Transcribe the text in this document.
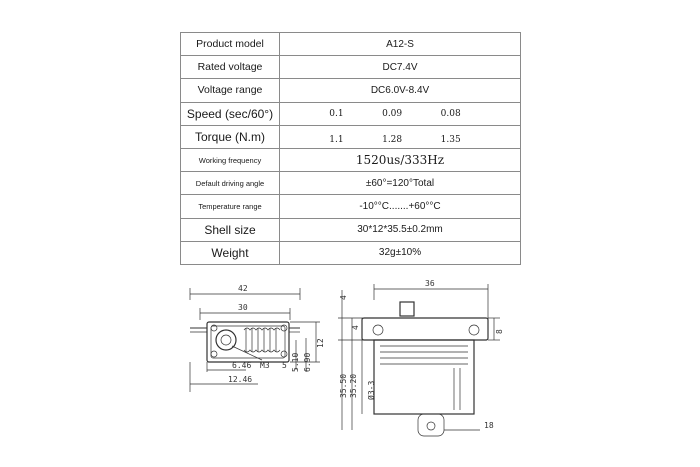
Product model	A12-S
Rated voltage	DC7.4V
Voltage range	DC6.0V-8.4V
Speed (sec/60°)	0.1 0.09 0.08

Torque (N.m)	1.1 1.28 1.35

Working frequency	1520us/333Hz
Default driving angle	±60°=120°Total
Temperature range	-10°°C.......+60°°C
Shell size	30*12*35.5±0.2mm
Weight	32g±10%
42
30
6.46 M3 5
12.46
5.10 6.90
12
36
4
4
8
Ø3-3
35.50 35.20
18
